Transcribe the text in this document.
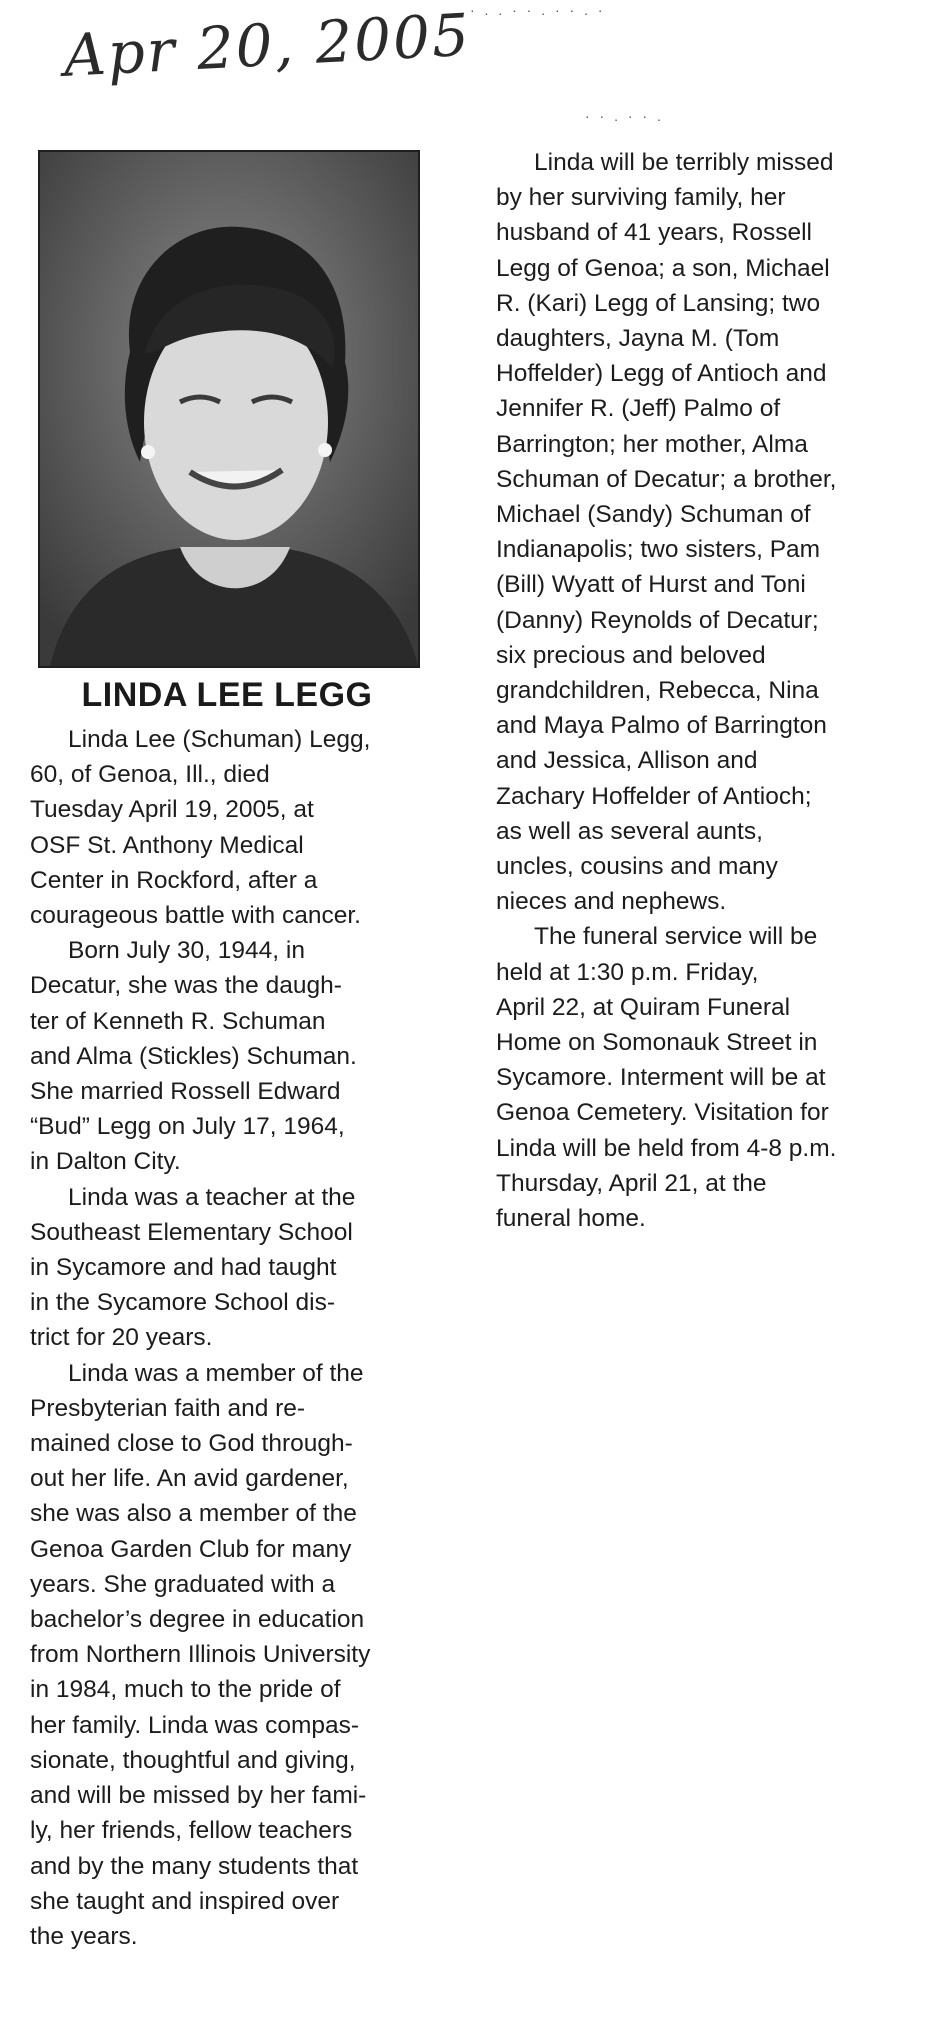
Apr 20, 2005
· . . · · . · · . ·
· · . · · .
LINDA LEE LEGG

Linda Lee (Schuman) Legg,
60, of Genoa, Ill., died
Tuesday April 19, 2005, at
OSF St. Anthony Medical
Center in Rockford, after a
courageous battle with cancer.

Born July 30, 1944, in
Decatur, she was the daugh-
ter of Kenneth R. Schuman
and Alma (Stickles) Schuman.
She married Rossell Edward
“Bud” Legg on July 17, 1964,
in Dalton City.

Linda was a teacher at the
Southeast Elementary School
in Sycamore and had taught
in the Sycamore School dis-
trict for 20 years.

Linda was a member of the
Presbyterian faith and re-
mained close to God through-
out her life. An avid gardener,
she was also a member of the
Genoa Garden Club for many
years. She graduated with a
bachelor’s degree in education
from Northern Illinois University
in 1984, much to the pride of
her family. Linda was compas-
sionate, thoughtful and giving,
and will be missed by her fami-
ly, her friends, fellow teachers
and by the many students that
she taught and inspired over
the years.

Linda will be terribly missed
by her surviving family, her
husband of 41 years, Rossell
Legg of Genoa; a son, Michael
R. (Kari) Legg of Lansing; two
daughters, Jayna M. (Tom
Hoffelder) Legg of Antioch and
Jennifer R. (Jeff) Palmo of
Barrington; her mother, Alma
Schuman of Decatur; a brother,
Michael (Sandy) Schuman of
Indianapolis; two sisters, Pam
(Bill) Wyatt of Hurst and Toni
(Danny) Reynolds of Decatur;
six precious and beloved
grandchildren, Rebecca, Nina
and Maya Palmo of Barrington
and Jessica, Allison and
Zachary Hoffelder of Antioch;
as well as several aunts,
uncles, cousins and many
nieces and nephews.

The funeral service will be
held at 1:30 p.m. Friday,
April 22, at Quiram Funeral
Home on Somonauk Street in
Sycamore. Interment will be at
Genoa Cemetery. Visitation for
Linda will be held from 4-8 p.m.
Thursday, April 21, at the
funeral home.
